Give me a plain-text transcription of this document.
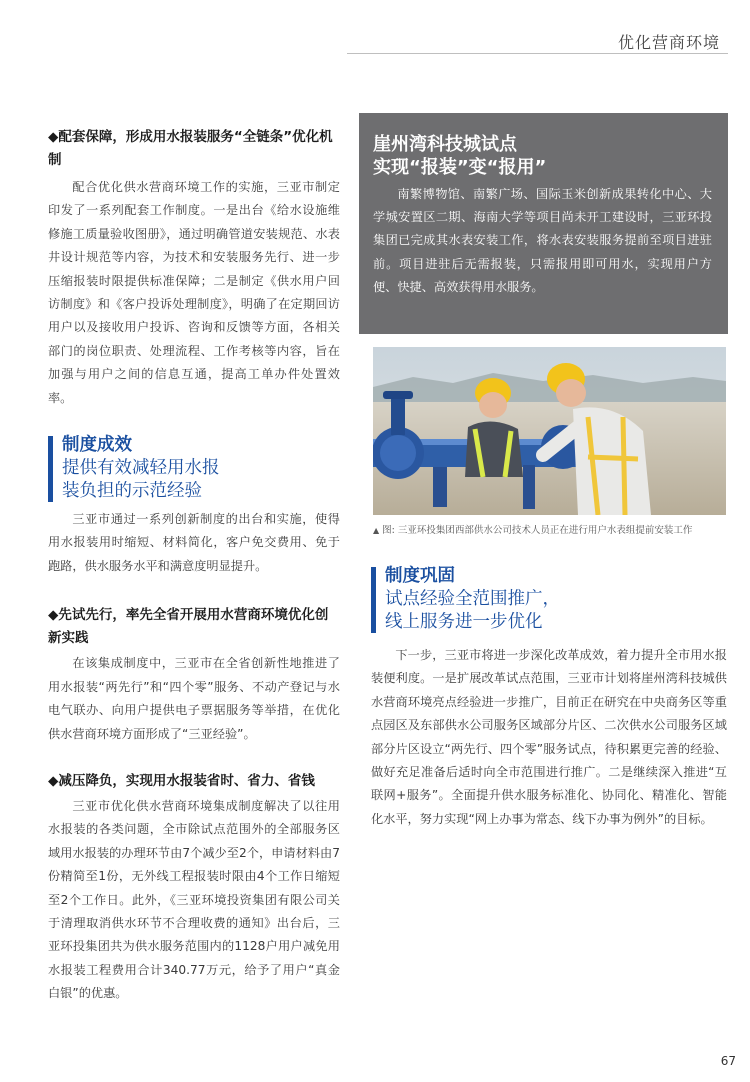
优化营商环境
◆配套保障，形成用水报装服务“全链条”优化机制

配合优化供水营商环境工作的实施，三亚市制定印发了一系列配套工作制度。一是出台《给水设施维修施工质量验收图册》，通过明确管道安装规范、水表井设计规范等内容，为技术和安装服务先行、进一步压缩报装时限提供标准保障；二是制定《供水用户回访制度》和《客户投诉处理制度》，明确了在定期回访用户以及接收用户投诉、咨询和反馈等方面，各相关部门的岗位职责、处理流程、工作考核等内容，旨在加强与用户之间的信息互通，提高工单办件处置效率。

制度成效
提供有效减轻用水报
装负担的示范经验

三亚市通过一系列创新制度的出台和实施，使得用水报装用时缩短、材料简化，客户免交费用、免于跑路，供水服务水平和满意度明显提升。

◆先试先行，率先全省开展用水营商环境优化创新实践

在该集成制度中，三亚市在全省创新性地推进了用水报装“两先行”和“四个零”服务、不动产登记与水电气联办、向用户提供电子票据服务等举措，在优化供水营商环境方面形成了“三亚经验”。

◆减压降负，实现用水报装省时、省力、省钱

三亚市优化供水营商环境集成制度解决了以往用水报装的各类问题，全市除试点范围外的全部服务区域用水报装的办理环节由7个减少至2个，申请材料由7份精简至1份，无外线工程报装时限由4个工作日缩短至2个工作日。此外，《三亚环境投资集团有限公司关于清理取消供水环节不合理收费的通知》出台后，三亚环投集团共为供水服务范围内的1128户用户减免用水报装工程费用合计340.77万元，给予了用户“真金白银”的优惠。

崖州湾科技城试点
实现“报装”变“报用”

南繁博物馆、南繁广场、国际玉米创新成果转化中心、大学城安置区二期、海南大学等项目尚未开工建设时，三亚环投集团已完成其水表安装工作，将水表安装服务提前至项目进驻前。项目进驻后无需报装，只需报用即可用水，实现用户方便、快捷、高效获得用水服务。

▲ 图: 三亚环投集团西部供水公司技术人员正在进行用户水表组提前安装工作
制度巩固
试点经验全范围推广，
线上服务进一步优化

下一步，三亚市将进一步深化改革成效，着力提升全市用水报装便利度。一是扩展改革试点范围，三亚市计划将崖州湾科技城供水营商环境亮点经验进一步推广，目前正在研究在中央商务区等重点园区及东部供水公司服务区域部分片区、二次供水公司服务区域部分片区设立“两先行、四个零”服务试点，待积累更完善的经验、做好充足准备后适时向全市范围进行推广。二是继续深入推进“互联网+服务”。全面提升供水服务标准化、协同化、精准化、智能化水平，努力实现“网上办事为常态、线下办事为例外”的目标。

67
